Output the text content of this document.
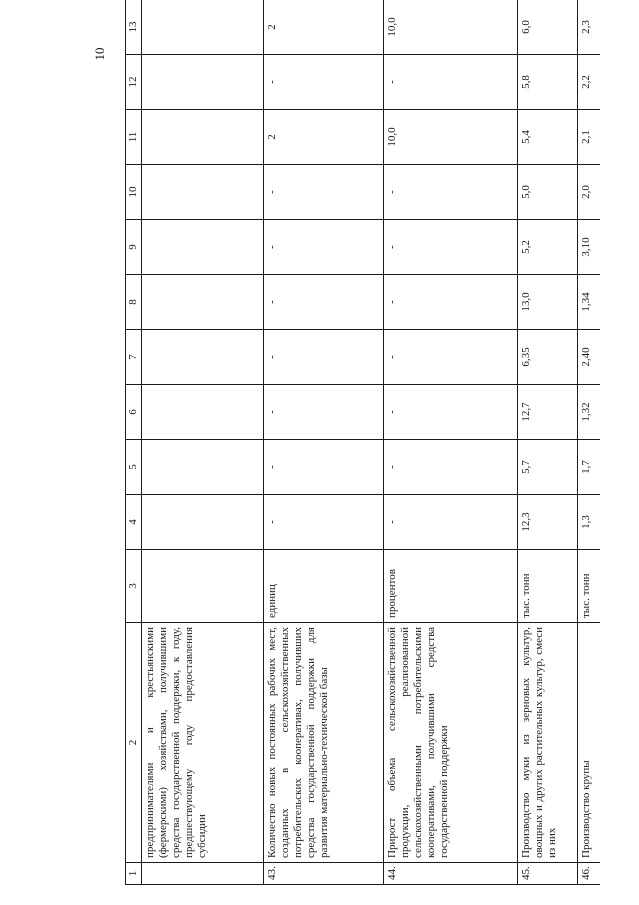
10
1	2	3	4	5	6	7	8	9	10	11	12	13
	предпринимателями и крестьянскими (фермерскими) хозяйствами, получившими средства государственной поддержки, к году, предшествующему году предоставления субсидии											
43.	Количество новых постоянных рабочих мест, созданных в сельскохозяйственных потребительских кооперативах, получивших средства государственной поддержки для развития материально-технической базы	единиц	-	-	-	-	-	-	-	2	-	2
44.	Прирост объема сельскохозяйственной продукции, реализованной сельскохозяйственными потребительскими кооперативами, получившими средства государственной поддержки	процентов	-	-	-	-	-	-	-	10,0	-	10,0
45.	Производство муки из зерновых культур, овощных и других растительных культур, смеси из них	тыс. тонн	12,3	5,7	12,7	6,35	13,0	5,2	5,0	5,4	5,8	6,0
46.	Производство крупы	тыс. тонн	1,3	1,7	1,32	2,40	1,34	3,10	2,0	2,1	2,2	2,3
